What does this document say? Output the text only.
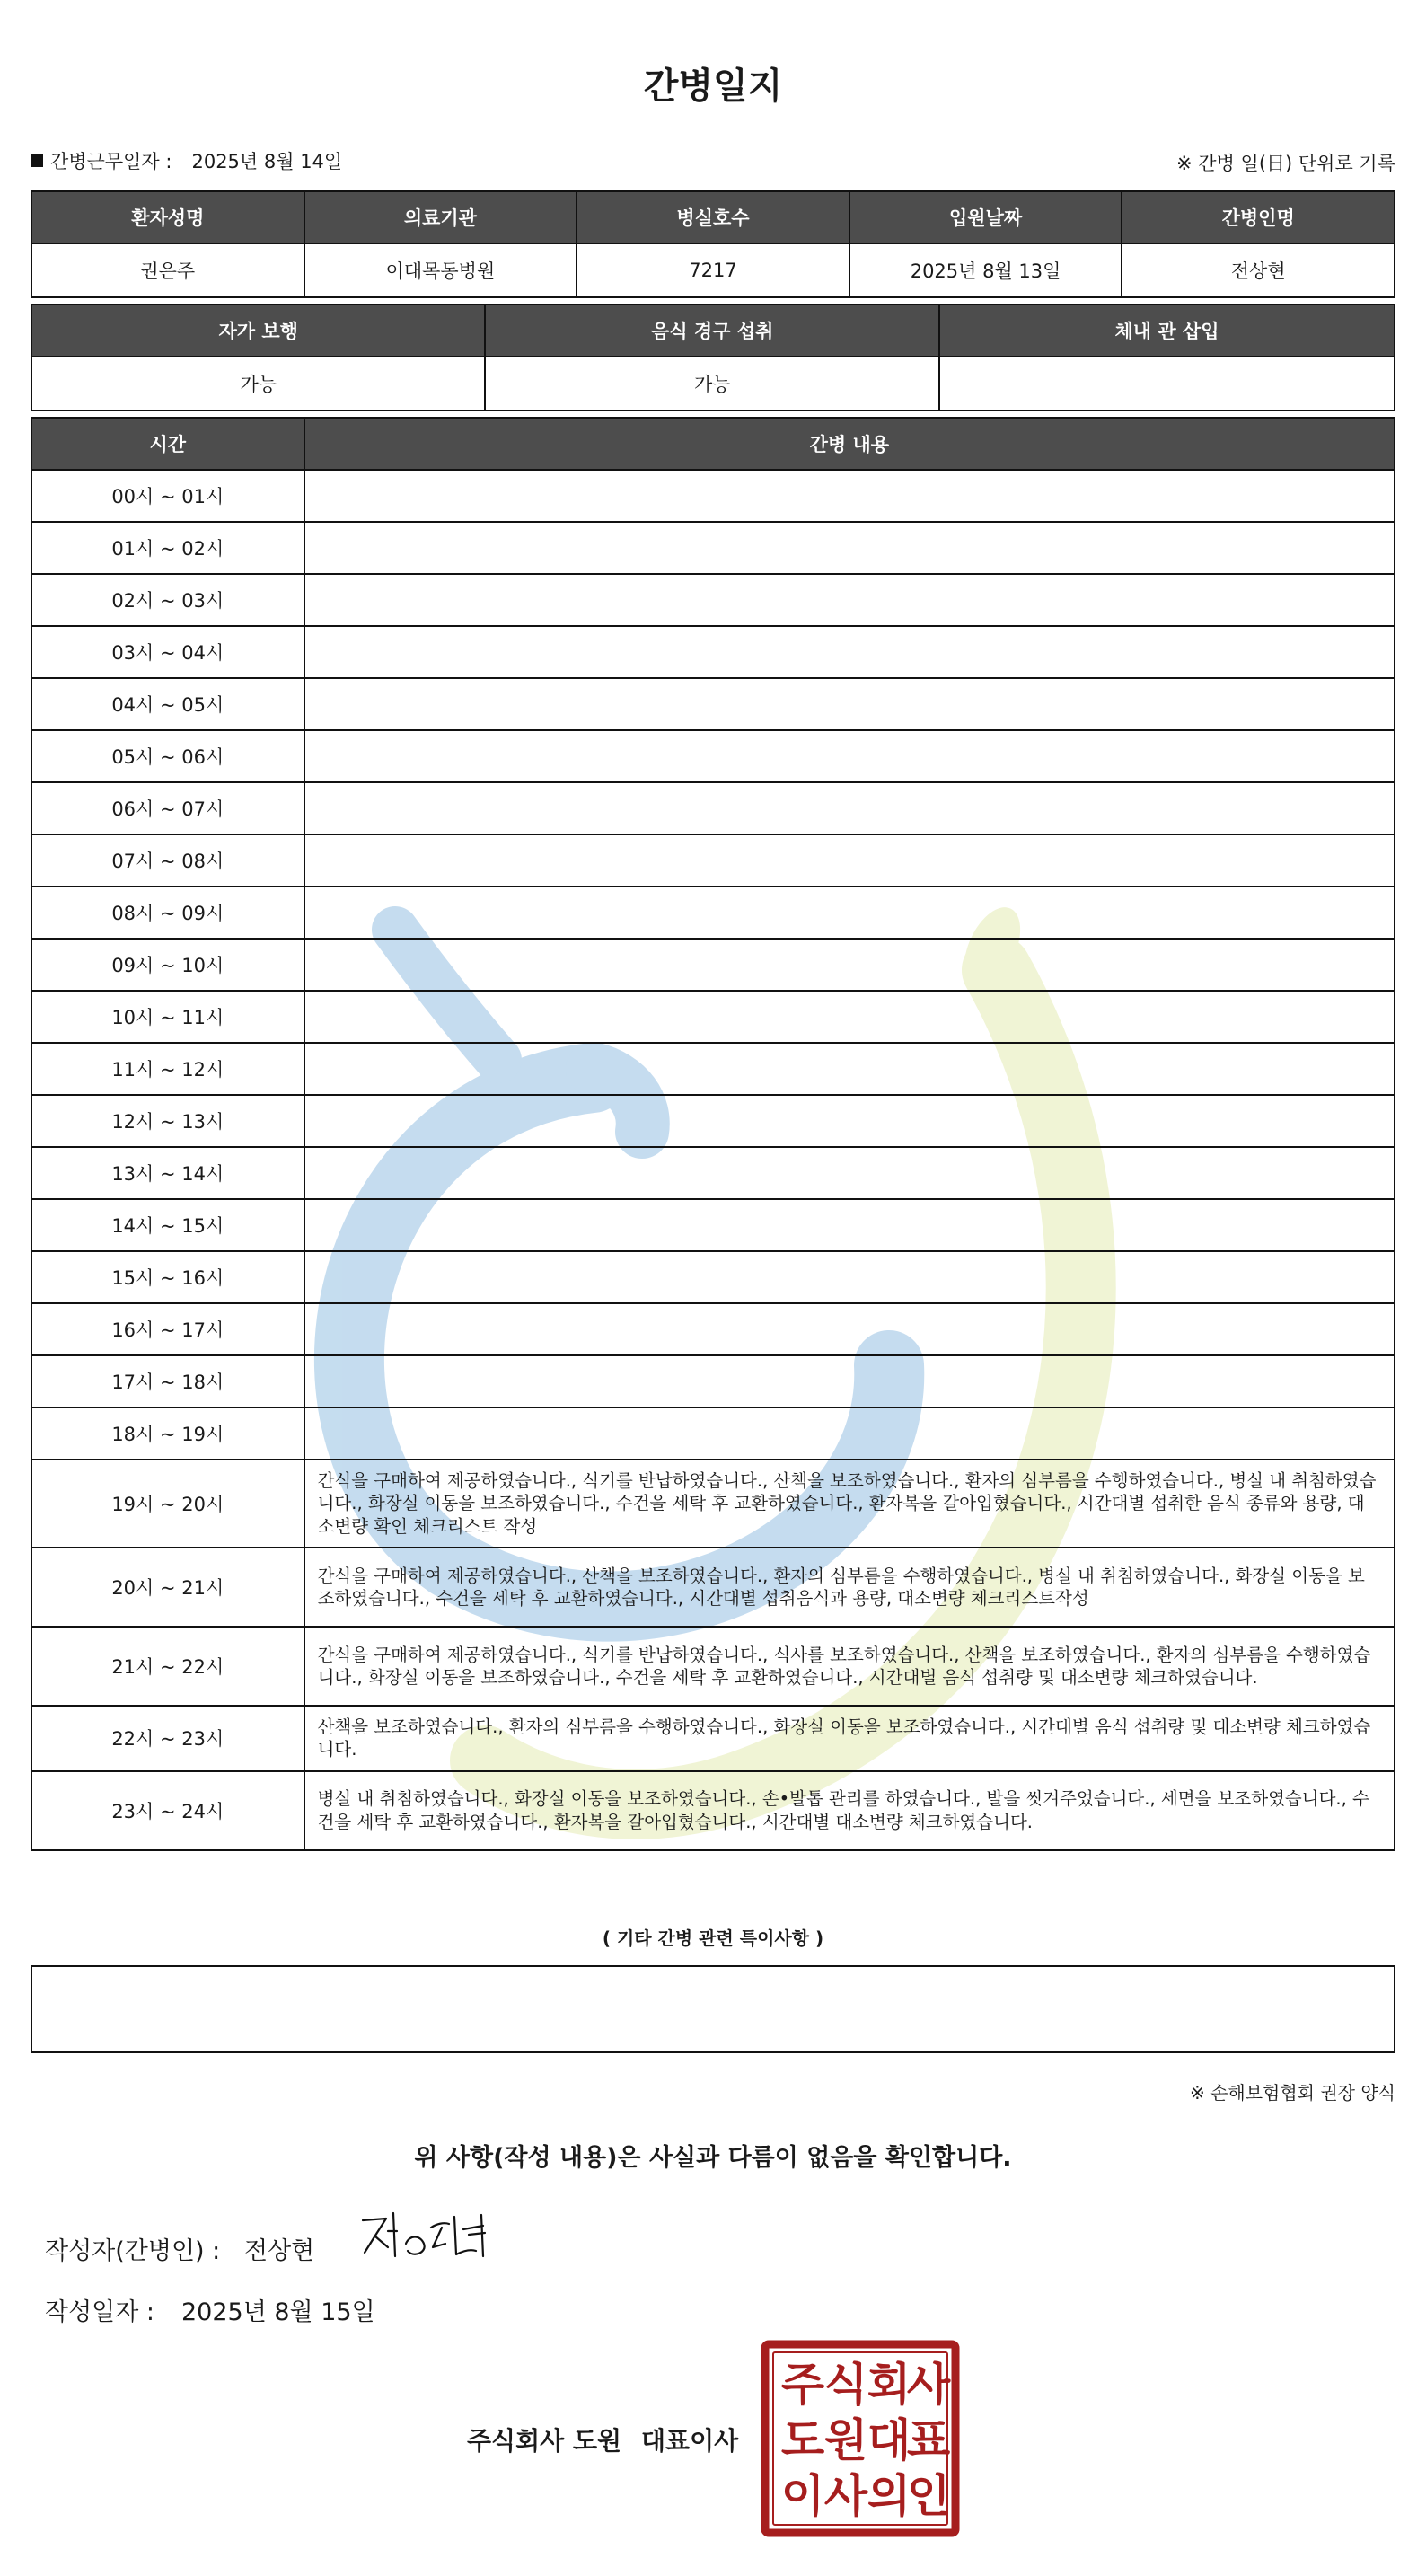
간병일지
간병근무일자 : 2025년 8월 14일	※ 간병 일(日) 단위로 기록
환자성명	의료기관	병실호수	입원날짜	간병인명
권은주	이대목동병원	7217	2025년 8월 13일	전상현
자가 보행	음식 경구 섭취	체내 관 삽입
가능	가능	
시간	간병 내용
00시 ~ 01시	
01시 ~ 02시	
02시 ~ 03시	
03시 ~ 04시	
04시 ~ 05시	
05시 ~ 06시	
06시 ~ 07시	
07시 ~ 08시	
08시 ~ 09시	
09시 ~ 10시	
10시 ~ 11시	
11시 ~ 12시	
12시 ~ 13시	
13시 ~ 14시	
14시 ~ 15시	
15시 ~ 16시	
16시 ~ 17시	
17시 ~ 18시	
18시 ~ 19시	
19시 ~ 20시	간식을 구매하여 제공하였습니다., 식기를 반납하였습니다., 산책을 보조하였습니다., 환자의 심부름을 수행하였습니다., 병실 내 취침하였습니다., 화장실 이동을 보조하였습니다., 수건을 세탁 후 교환하였습니다., 환자복을 갈아입혔습니다., 시간대별 섭취한 음식 종류와 용량, 대소변량 확인 체크리스트 작성
20시 ~ 21시	간식을 구매하여 제공하였습니다., 산책을 보조하였습니다., 환자의 심부름을 수행하였습니다., 병실 내 취침하였습니다., 화장실 이동을 보조하였습니다., 수건을 세탁 후 교환하였습니다., 시간대별 섭취음식과 용량, 대소변량 체크리스트작성
21시 ~ 22시	간식을 구매하여 제공하였습니다., 식기를 반납하였습니다., 식사를 보조하였습니다., 산책을 보조하였습니다., 환자의 심부름을 수행하였습니다., 화장실 이동을 보조하였습니다., 수건을 세탁 후 교환하였습니다., 시간대별 음식 섭취량 및 대소변량 체크하였습니다.
22시 ~ 23시	산책을 보조하였습니다., 환자의 심부름을 수행하였습니다., 화장실 이동을 보조하였습니다., 시간대별 음식 섭취량 및 대소변량 체크하였습니다.
23시 ~ 24시	병실 내 취침하였습니다., 화장실 이동을 보조하였습니다., 손•발톱 관리를 하였습니다., 발을 씻겨주었습니다., 세면을 보조하였습니다., 수건을 세탁 후 교환하였습니다., 환자복을 갈아입혔습니다., 시간대별 대소변량 체크하였습니다.
( 기타 간병 관련 특이사항 )
※ 손해보험협회 권장 양식
위 사항(작성 내용)은 사실과 다름이 없음을 확인합니다.
작성자(간병인) : 전상현
작성일자 : 2025년 8월 15일
주식회사 도원 대표이사
주 식 회
사
도 원 대
표
이 사 의
인
